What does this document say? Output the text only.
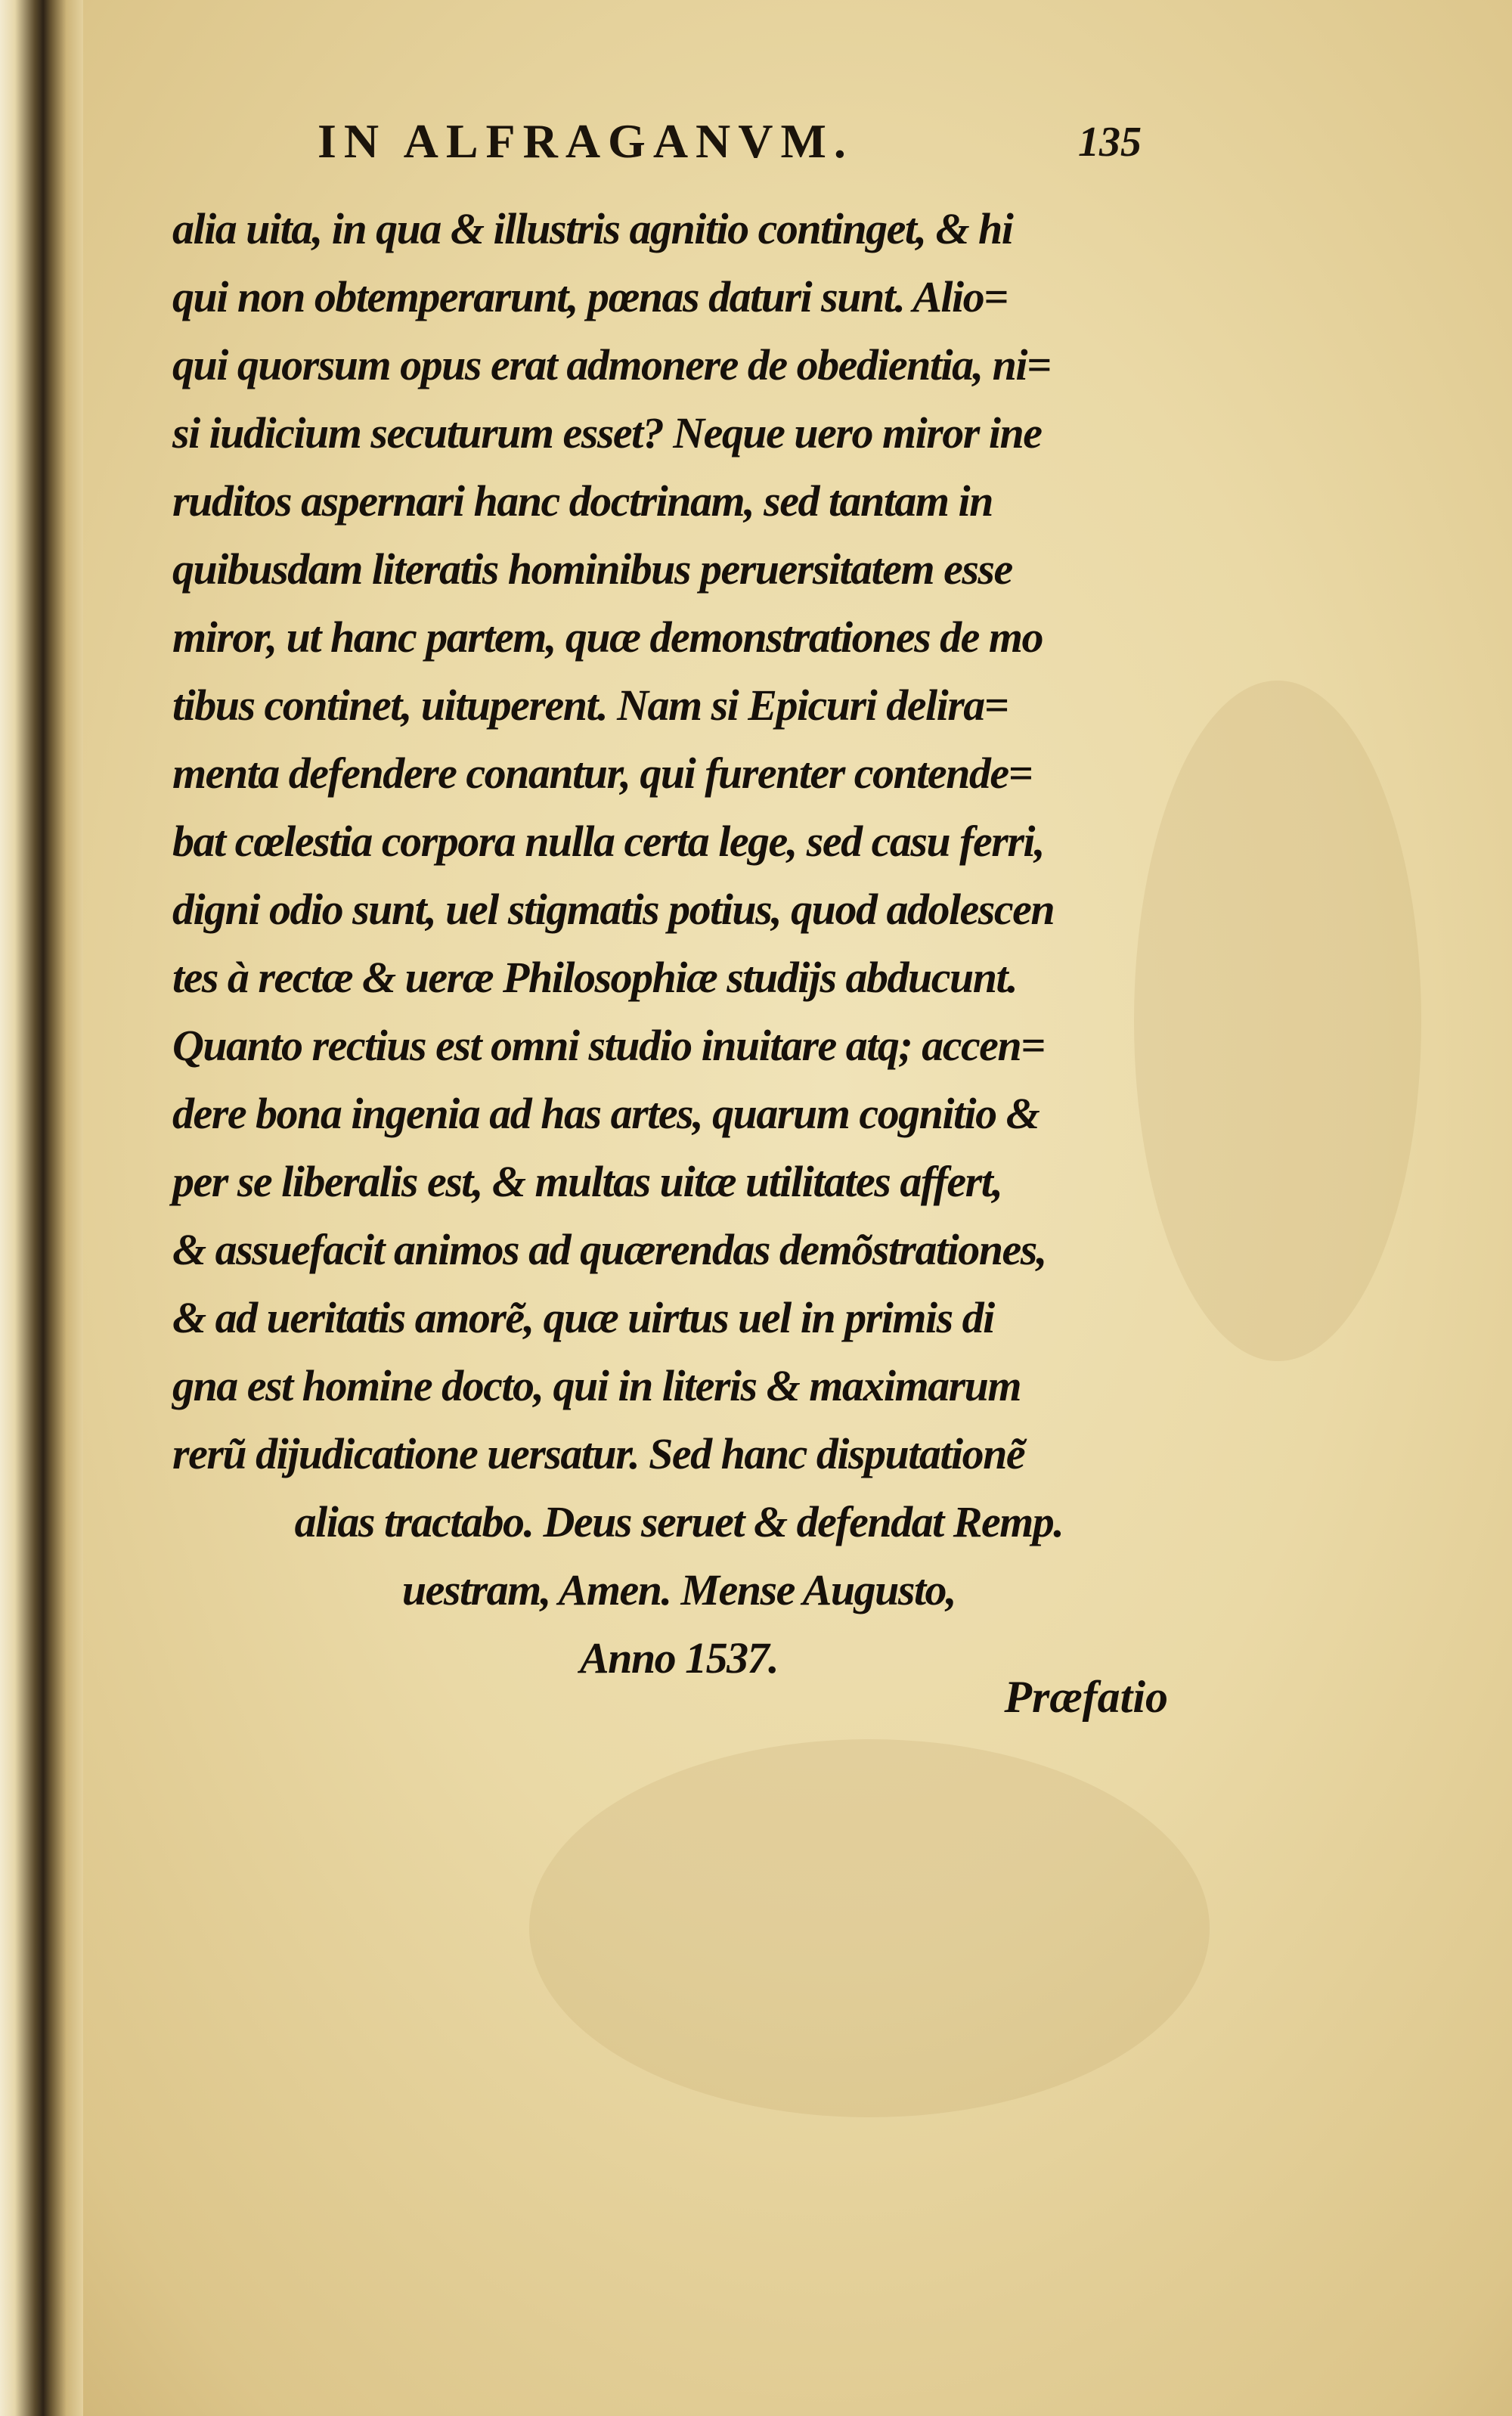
IN ALFRAGANVM.	135
alia uita, in qua & illustris agnitio continget, & hi
qui non obtemperarunt, pœnas daturi sunt. Alio=
qui quorsum opus erat admonere de obedientia, ni=
si iudicium secuturum esset? Neque uero miror ine
ruditos aspernari hanc doctrinam, sed tantam in
quibusdam literatis hominibus peruersitatem esse
miror, ut hanc partem, quæ demonstrationes de mo
tibus continet, uituperent. Nam si Epicuri delira=
menta defendere conantur, qui furenter contende=
bat cœlestia corpora nulla certa lege, sed casu ferri,
digni odio sunt, uel stigmatis potius, quod adolescen
tes à rectæ & ueræ Philosophiæ studijs abducunt.
Quanto rectius est omni studio inuitare atq; accen=
dere bona ingenia ad has artes, quarum cognitio &
per se liberalis est, & multas uitæ utilitates affert,
& assuefacit animos ad quærendas demõstrationes,
& ad ueritatis amorẽ, quæ uirtus uel in primis di
gna est homine docto, qui in literis & maximarum
rerũ dijudicatione uersatur. Sed hanc disputationẽ
alias tractabo. Deus seruet & defendat Remp.
uestram, Amen. Mense Augusto,
Anno 1537.
Præfatio
